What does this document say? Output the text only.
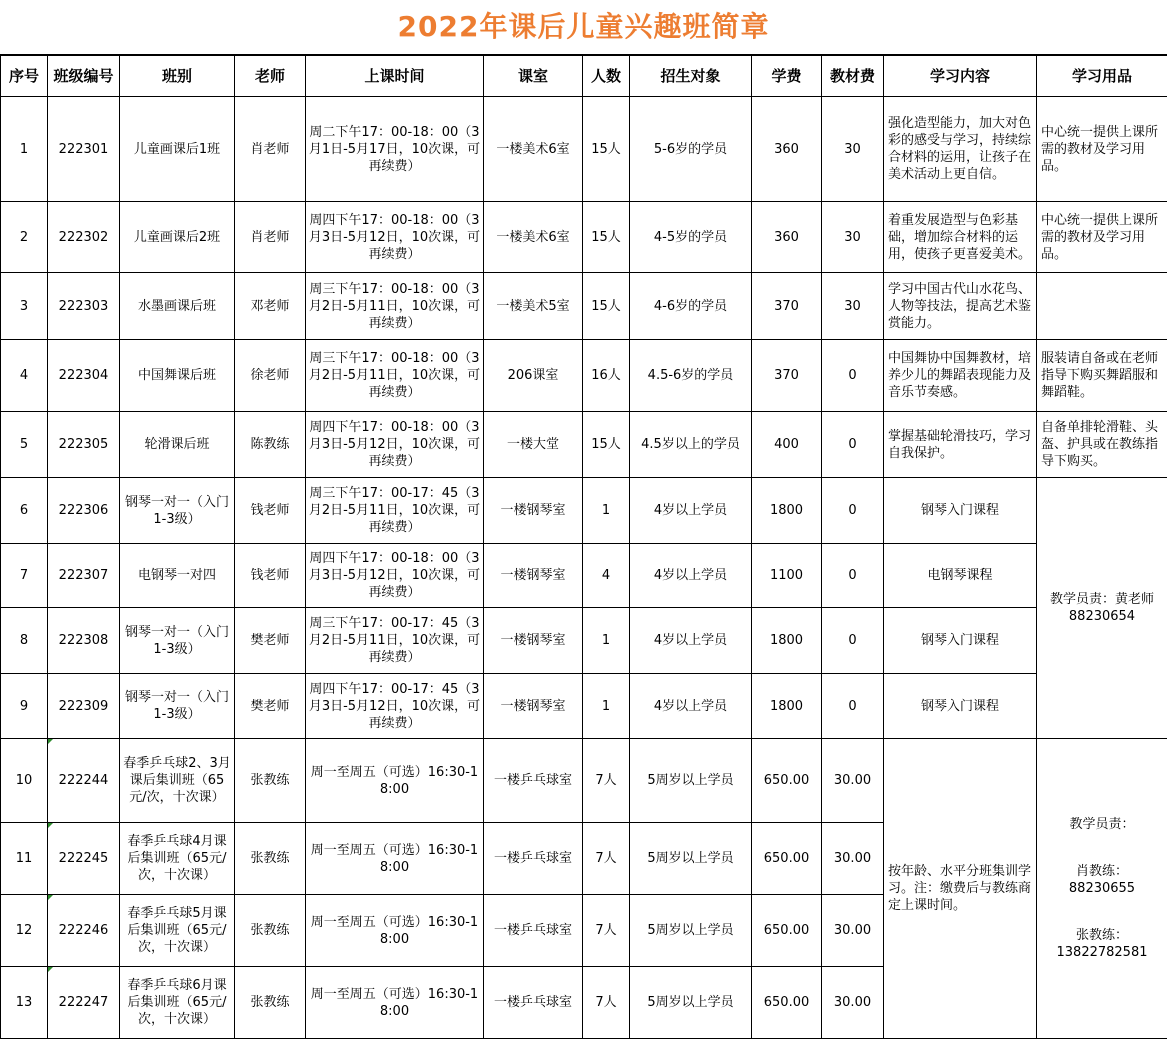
2022年课后儿童兴趣班简章
序号	班级编号	班别	老师	上课时间	课室	人数	招生对象	学费	教材费	学习内容	学习用品
1	222301	儿童画课后1班	肖老师	周二下午17：00-18：00（3月1日-5月17日，10次课，可再续费）	一楼美术6室	15人	5-6岁的学员	360	30	强化造型能力，加大对色彩的感受与学习，持续综合材料的运用，让孩子在美术活动上更自信。	中心统一提供上课所需的教材及学习用品。
2	222302	儿童画课后2班	肖老师	周四下午17：00-18：00（3月3日-5月12日，10次课，可再续费）	一楼美术6室	15人	4-5岁的学员	360	30	着重发展造型与色彩基础，增加综合材料的运用，使孩子更喜爱美术。	中心统一提供上课所需的教材及学习用品。
3	222303	水墨画课后班	邓老师	周三下午17：00-18：00（3月2日-5月11日，10次课，可再续费）	一楼美术5室	15人	4-6岁的学员	370	30	学习中国古代山水花鸟、人物等技法，提高艺术鉴赏能力。	
4	222304	中国舞课后班	徐老师	周三下午17：00-18：00（3月2日-5月11日，10次课，可再续费）	206课室	16人	4.5-6岁的学员	370	0	中国舞协中国舞教材，培养少儿的舞蹈表现能力及音乐节奏感。	服装请自备或在老师指导下购买舞蹈服和舞蹈鞋。
5	222305	轮滑课后班	陈教练	周四下午17：00-18：00（3月3日-5月12日，10次课，可再续费）	一楼大堂	15人	4.5岁以上的学员	400	0	掌握基础轮滑技巧，学习自我保护。	自备单排轮滑鞋、头盔、护具或在教练指导下购买。
6	222306	钢琴一对一（入门1-3级）	钱老师	周三下午17：00-17：45（3月2日-5月11日，10次课，可再续费）	一楼钢琴室	1	4岁以上学员	1800	0	钢琴入门课程	教学员责：黄老师
88230654
7	222307	电钢琴一对四	钱老师	周四下午17：00-18：00（3月3日-5月12日，10次课，可再续费）	一楼钢琴室	4	4岁以上学员	1100	0	电钢琴课程	
8	222308	钢琴一对一（入门1-3级）	樊老师	周三下午17：00-17：45（3月2日-5月11日，10次课，可再续费）	一楼钢琴室	1	4岁以上学员	1800	0	钢琴入门课程	
9	222309	钢琴一对一（入门1-3级）	樊老师	周四下午17：00-17：45（3月3日-5月12日，10次课，可再续费）	一楼钢琴室	1	4岁以上学员	1800	0	钢琴入门课程	
10	222244	春季乒乓球2、3月课后集训班（65元/次，十次课）	张教练	周一至周五（可选）16:30-18:00	一楼乒乓球室	7人	5周岁以上学员	650.00	30.00	按年龄、水平分班集训学习。注：缴费后与教练商定上课时间。	教学员责：
肖教练：
88230655
张教练：
13822782581
11	222245	春季乒乓球4月课后集训班（65元/次，十次课）	张教练	周一至周五（可选）16:30-18:00	一楼乒乓球室	7人	5周岁以上学员	650.00	30.00		
12	222246	春季乒乓球5月课后集训班（65元/次，十次课）	张教练	周一至周五（可选）16:30-18:00	一楼乒乓球室	7人	5周岁以上学员	650.00	30.00		
13	222247	春季乒乓球6月课后集训班（65元/次，十次课）	张教练	周一至周五（可选）16:30-18:00	一楼乒乓球室	7人	5周岁以上学员	650.00	30.00		
